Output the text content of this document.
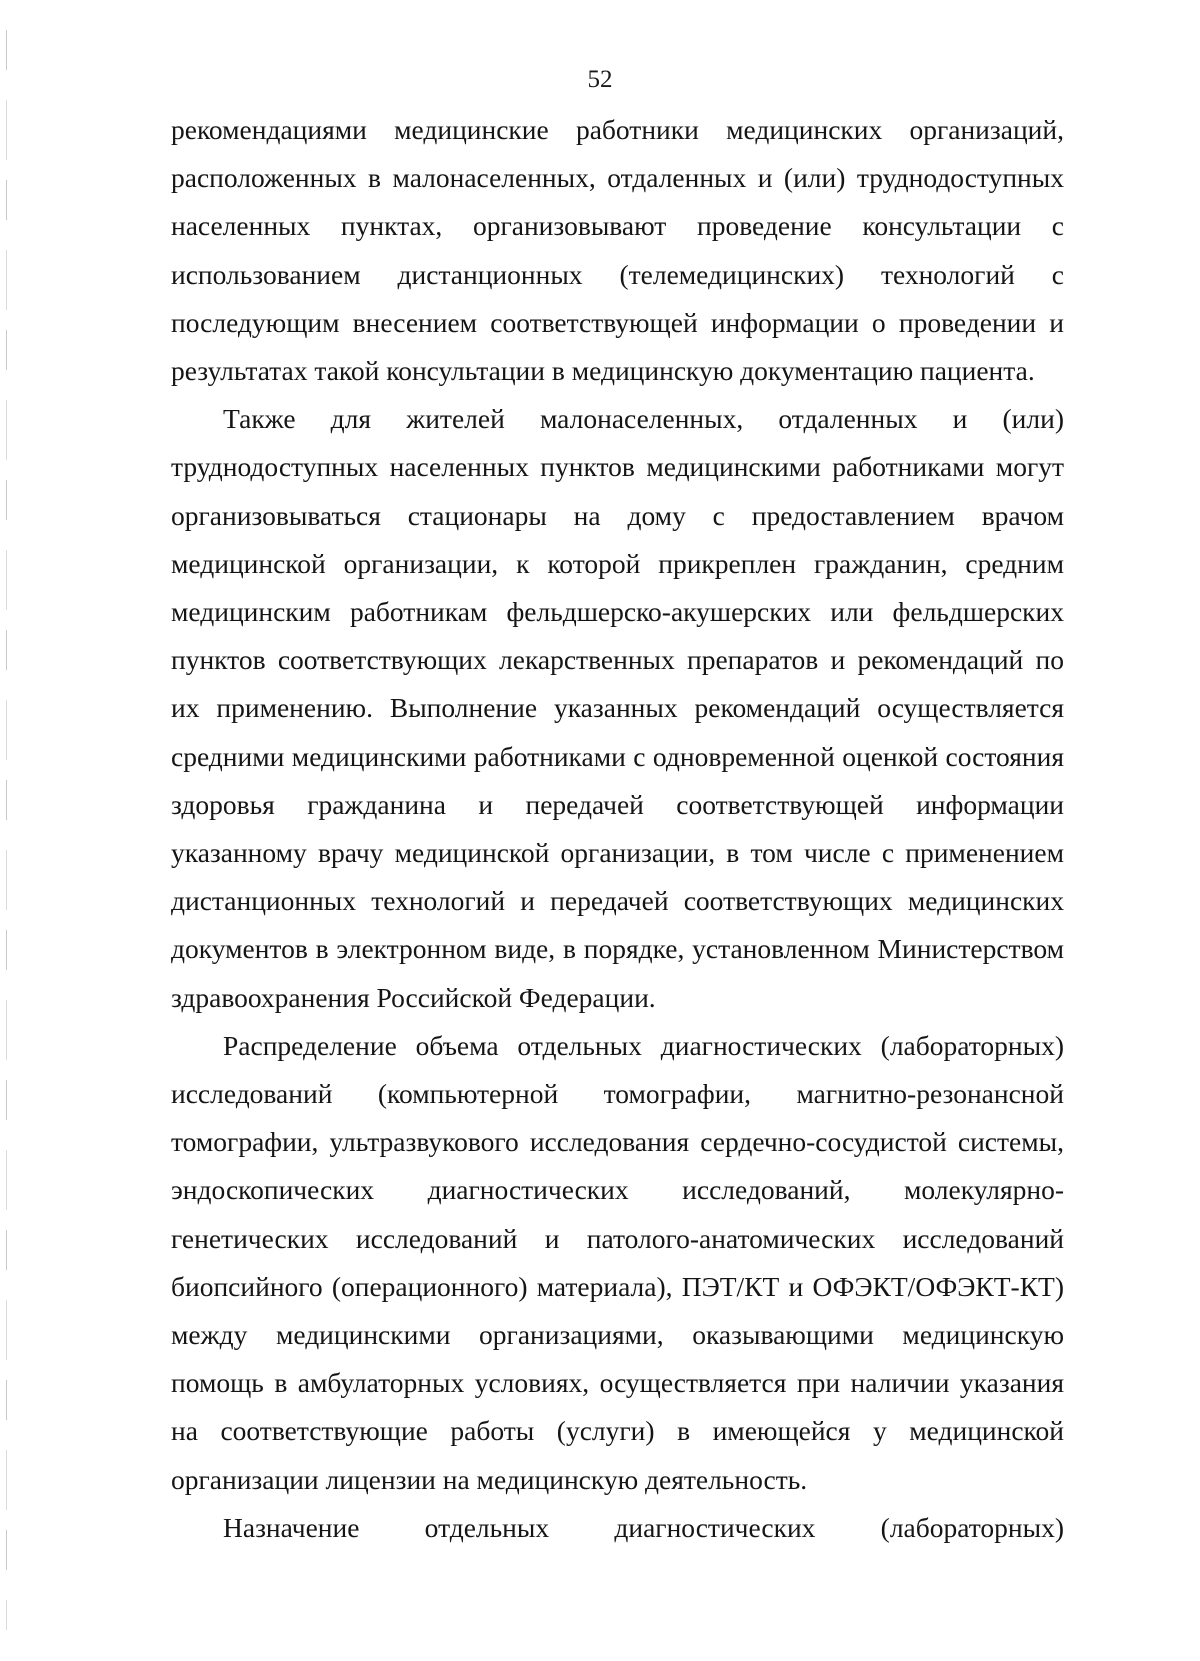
52

рекомендациями медицинские работники медицинских организаций, расположенных в малонаселенных, отдаленных и (или) труднодоступных населенных пунктах, организовывают проведение консультации с использованием дистанционных (телемедицинских) технологий с последующим внесением соответствующей информации о проведении и результатах такой консультации в медицинскую документацию пациента.

Также для жителей малонаселенных, отдаленных и (или) труднодоступных населенных пунктов медицинскими работниками могут организовываться стационары на дому с предоставлением врачом медицинской организации, к которой прикреплен гражданин, средним медицинским работникам фельдшерско-акушерских или фельдшерских пунктов соответствующих лекарственных препаратов и рекомендаций по их применению. Выполнение указанных рекомендаций осуществляется средними медицинскими работниками с одновременной оценкой состояния здоровья гражданина и передачей соответствующей информации указанному врачу медицинской организации, в том числе с применением дистанционных технологий и передачей соответствующих медицинских документов в электронном виде, в порядке, установленном Министерством здравоохранения Российской Федерации.

Распределение объема отдельных диагностических (лабораторных) исследований (компьютерной томографии, магнитно-резонансной томографии, ультразвукового исследования сердечно-сосудистой системы, эндоскопических диагностических исследований, молекулярно-генетических исследований и патолого-анатомических исследований биопсийного (операционного) материала), ПЭТ/КТ и ОФЭКТ/ОФЭКТ-КТ) между медицинскими организациями, оказывающими медицинскую помощь в амбулаторных условиях, осуществляется при наличии указания на соответствующие работы (услуги) в имеющейся у медицинской организации лицензии на медицинскую деятельность.

Назначение отдельных диагностических (лабораторных)
